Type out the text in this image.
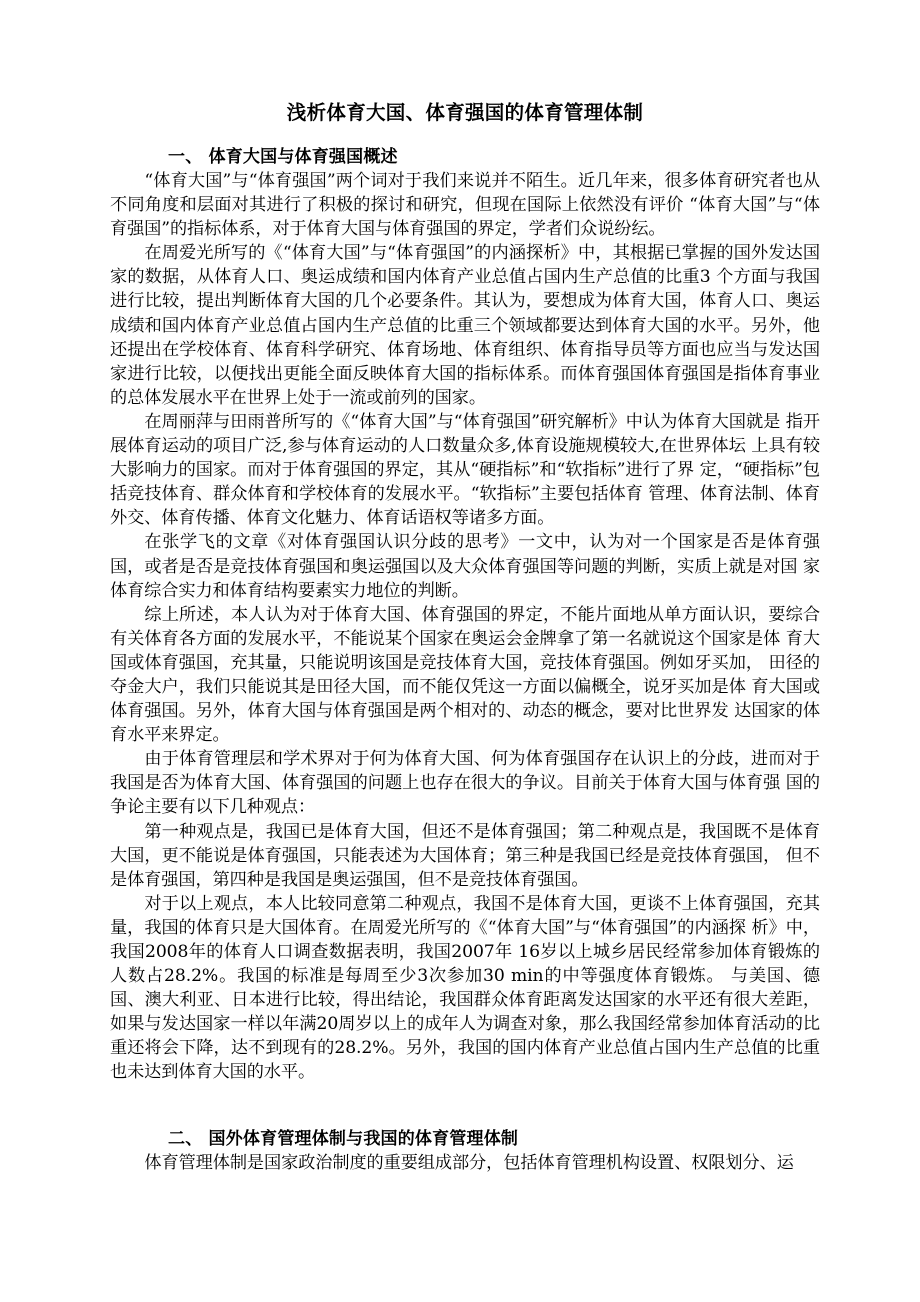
浅析体育大国、体育强国的体育管理体制
一、 体育大国与体育强国概述

“体育大国”与“体育强国”两个词对于我们来说并不陌生。近几年来，很多体育研究者也从不同角度和层面对其进行了积极的探讨和研究，但现在国际上依然没有评价 “体育大国”与“体育强国”的指标体系，对于体育大国与体育强国的界定，学者们众说纷纭。

在周爱光所写的《“体育大国”与“体育强国”的内涵探析》中，其根据已掌握的国外发达国家的数据，从体育人口、奥运成绩和国内体育产业总值占国内生产总值的比重3 个方面与我国进行比较，提出判断体育大国的几个必要条件。其认为，要想成为体育大国，体育人口、奥运成绩和国内体育产业总值占国内生产总值的比重三个领域都要达到体育大国的水平。另外，他还提出在学校体育、体育科学研究、体育场地、体育组织、体育指导员等方面也应当与发达国家进行比较，以便找出更能全面反映体育大国的指标体系。而体育强国体育强国是指体育事业的总体发展水平在世界上处于一流或前列的国家。

在周丽萍与田雨普所写的《“体育大国”与“体育强国”研究解析》中认为体育大国就是 指开展体育运动的项目广泛,参与体育运动的人口数量众多,体育设施规模较大,在世界体坛 上具有较大影响力的国家。而对于体育强国的界定，其从“硬指标”和“软指标”进行了界 定，“硬指标”包括竞技体育、群众体育和学校体育的发展水平。“软指标”主要包括体育 管理、体育法制、体育外交、体育传播、体育文化魅力、体育话语权等诸多方面。

在张学飞的文章《对体育强国认识分歧的思考》一文中，认为对一个国家是否是体育强国，或者是否是竞技体育强国和奥运强国以及大众体育强国等问题的判断，实质上就是对国 家体育综合实力和体育结构要素实力地位的判断。

综上所述，本人认为对于体育大国、体育强国的界定，不能片面地从单方面认识，要综合有关体育各方面的发展水平，不能说某个国家在奥运会金牌拿了第一名就说这个国家是体 育大国或体育强国，充其量，只能说明该国是竞技体育大国，竞技体育强国。例如牙买加， 田径的夺金大户，我们只能说其是田径大国，而不能仅凭这一方面以偏概全，说牙买加是体 育大国或体育强国。另外，体育大国与体育强国是两个相对的、动态的概念，要对比世界发 达国家的体育水平来界定。

由于体育管理层和学术界对于何为体育大国、何为体育强国存在认识上的分歧，进而对于我国是否为体育大国、体育强国的问题上也存在很大的争议。目前关于体育大国与体育强 国的争论主要有以下几种观点：

第一种观点是，我国已是体育大国，但还不是体育强国；第二种观点是，我国既不是体育大国，更不能说是体育强国，只能表述为大国体育；第三种是我国已经是竞技体育强国， 但不是体育强国，第四种是我国是奥运强国，但不是竞技体育强国。

对于以上观点，本人比较同意第二种观点，我国不是体育大国，更谈不上体育强国，充其量，我国的体育只是大国体育。在周爱光所写的《“体育大国”与“体育强国”的内涵探 析》中，我国2008年的体育人口调查数据表明，我国2007年 16岁以上城乡居民经常参加体育锻炼的人数占28.2%。我国的标准是每周至少3次参加30 min的中等强度体育锻炼。 与美国、德国、澳大利亚、日本进行比较，得出结论，我国群众体育距离发达国家的水平还有很大差距，如果与发达国家一样以年满20周岁以上的成年人为调查对象，那么我国经常参加体育活动的比重还将会下降，达不到现有的28.2%。另外，我国的国内体育产业总值占国内生产总值的比重也未达到体育大国的水平。

二、 国外体育管理体制与我国的体育管理体制

体育管理体制是国家政治制度的重要组成部分，包括体育管理机构设置、权限划分、运
